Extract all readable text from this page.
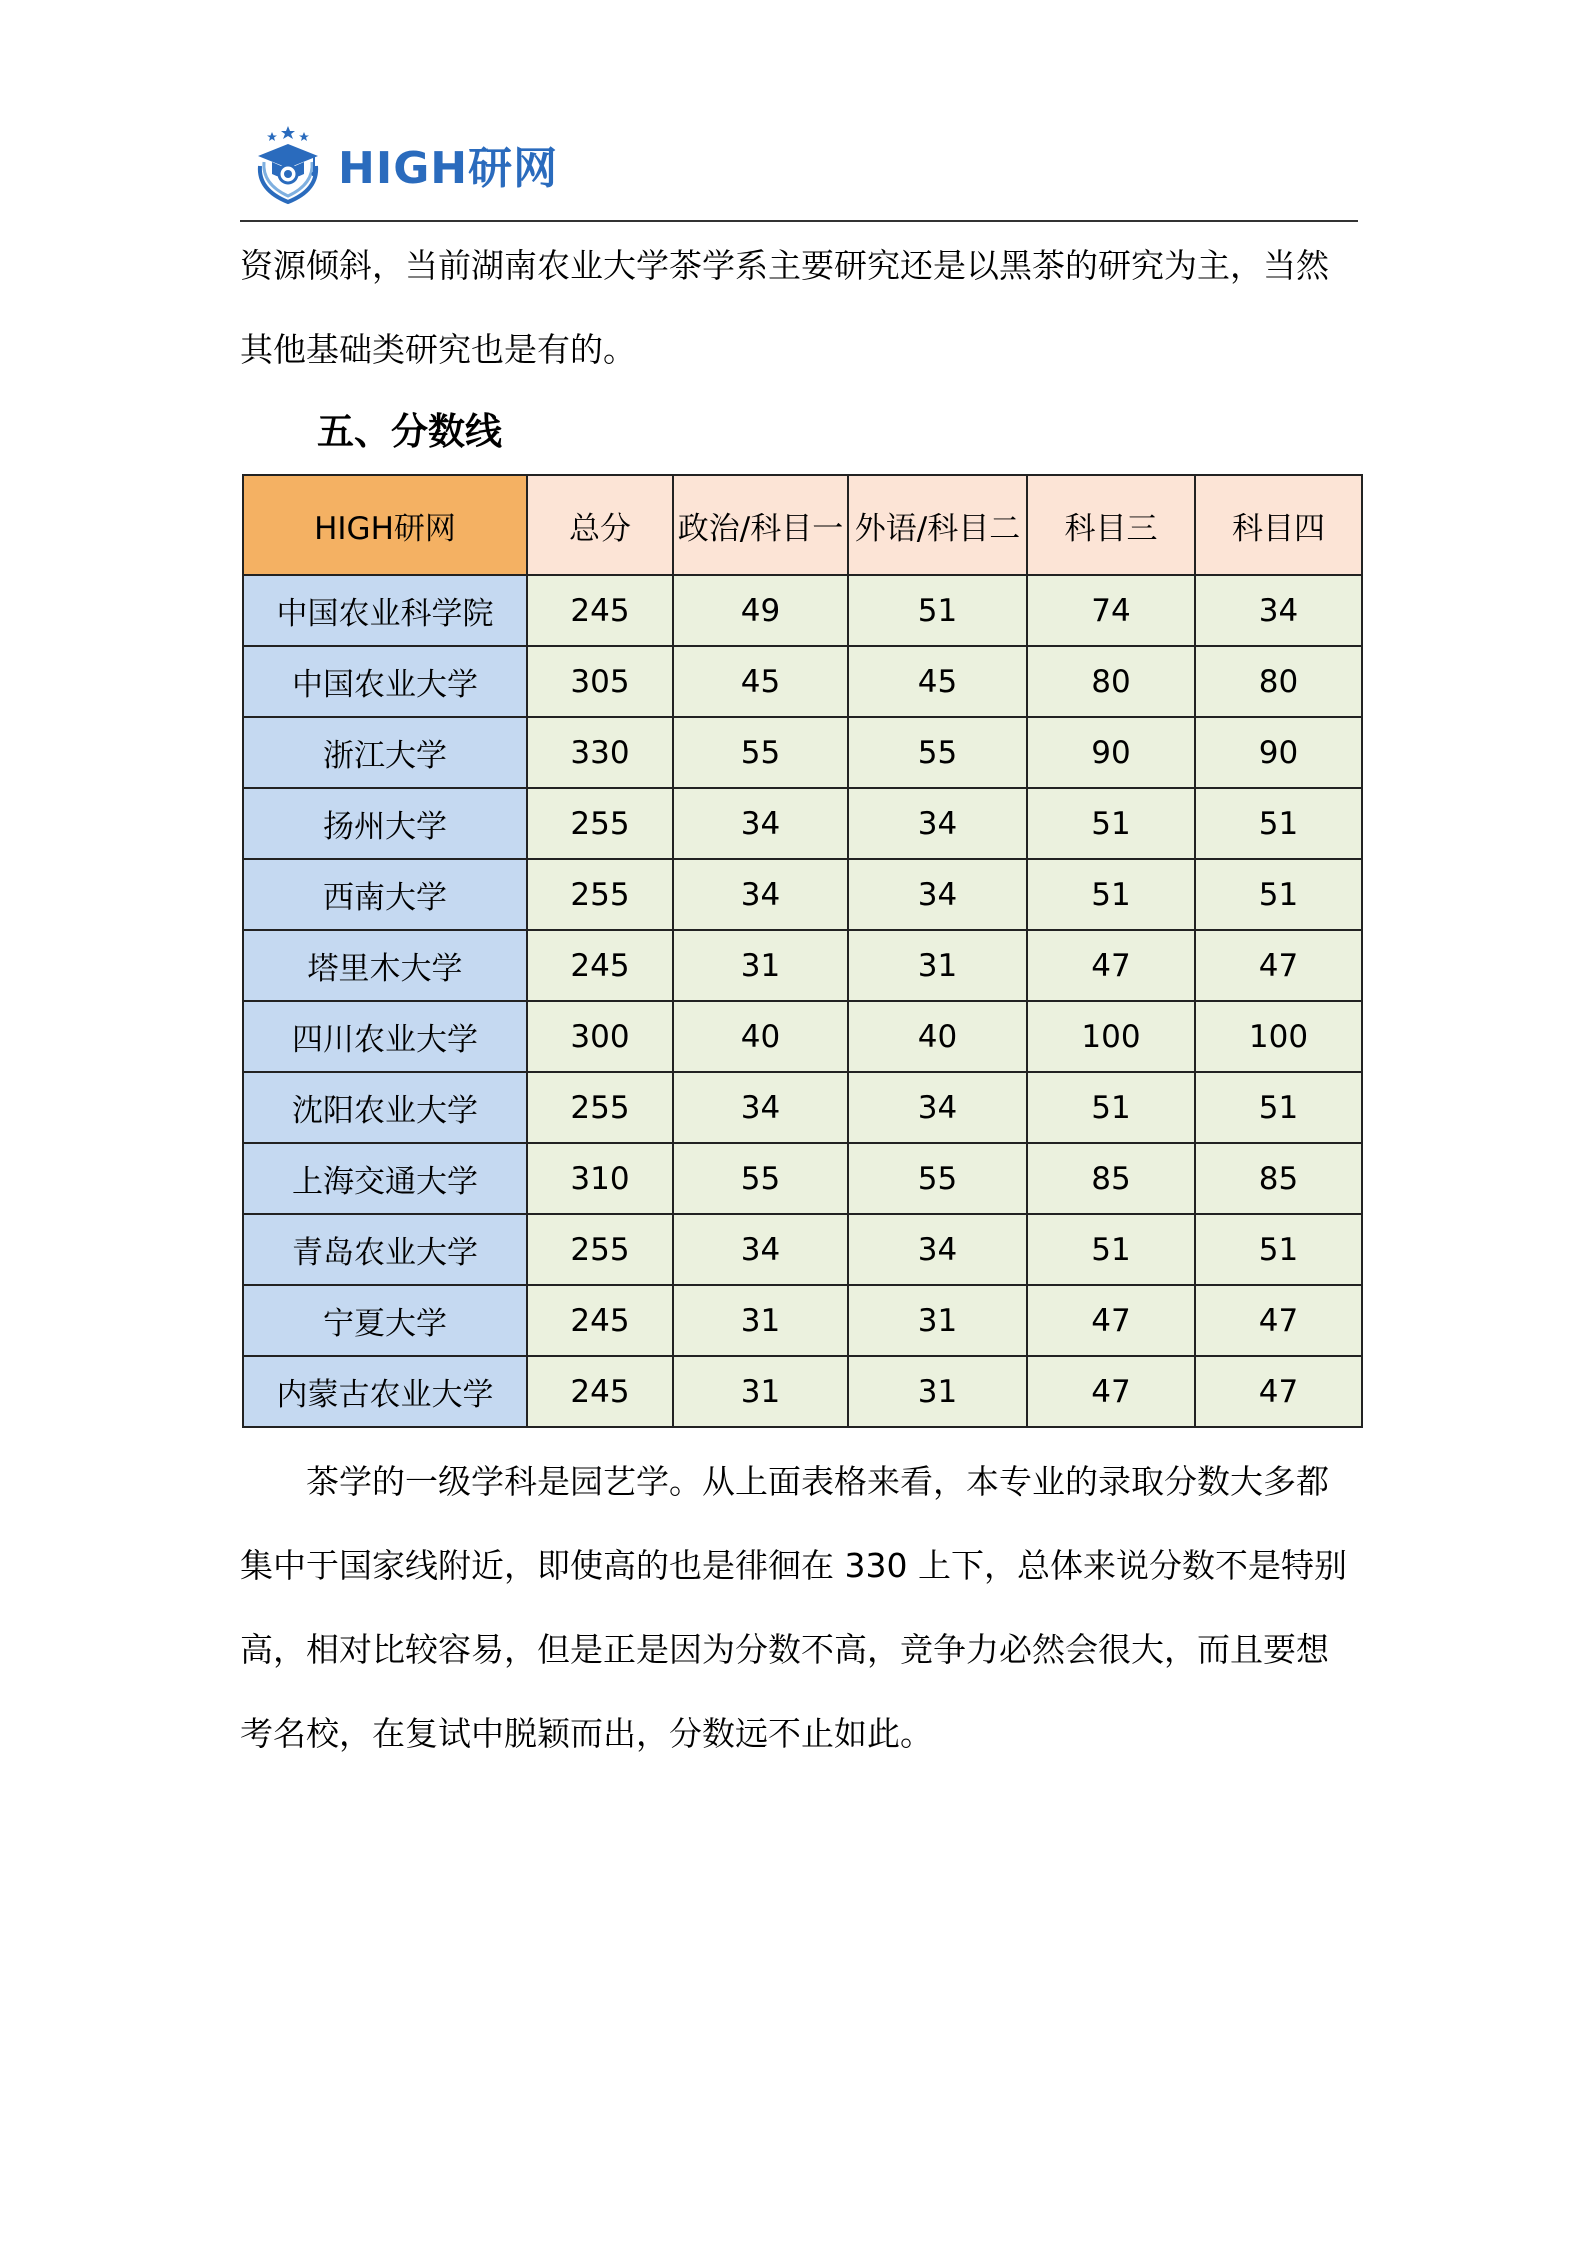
HIGH研网

资源倾斜，当前湖南农业大学茶学系主要研究还是以黑茶的研究为主，当然其他基础类研究也是有的。

五、分数线
HIGH研网	总分	政治/科目一	外语/科目二	科目三	科目四
中国农业科学院	245	49	51	74	34
中国农业大学	305	45	45	80	80
浙江大学	330	55	55	90	90
扬州大学	255	34	34	51	51
西南大学	255	34	34	51	51
塔里木大学	245	31	31	47	47
四川农业大学	300	40	40	100	100
沈阳农业大学	255	34	34	51	51
上海交通大学	310	55	55	85	85
青岛农业大学	255	34	34	51	51
宁夏大学	245	31	31	47	47
内蒙古农业大学	245	31	31	47	47

茶学的一级学科是园艺学。从上面表格来看，本专业的录取分数大多都集中于国家线附近，即使高的也是徘徊在 330 上下，总体来说分数不是特别高，相对比较容易，但是正是因为分数不高，竞争力必然会很大，而且要想考名校，在复试中脱颖而出，分数远不止如此。
